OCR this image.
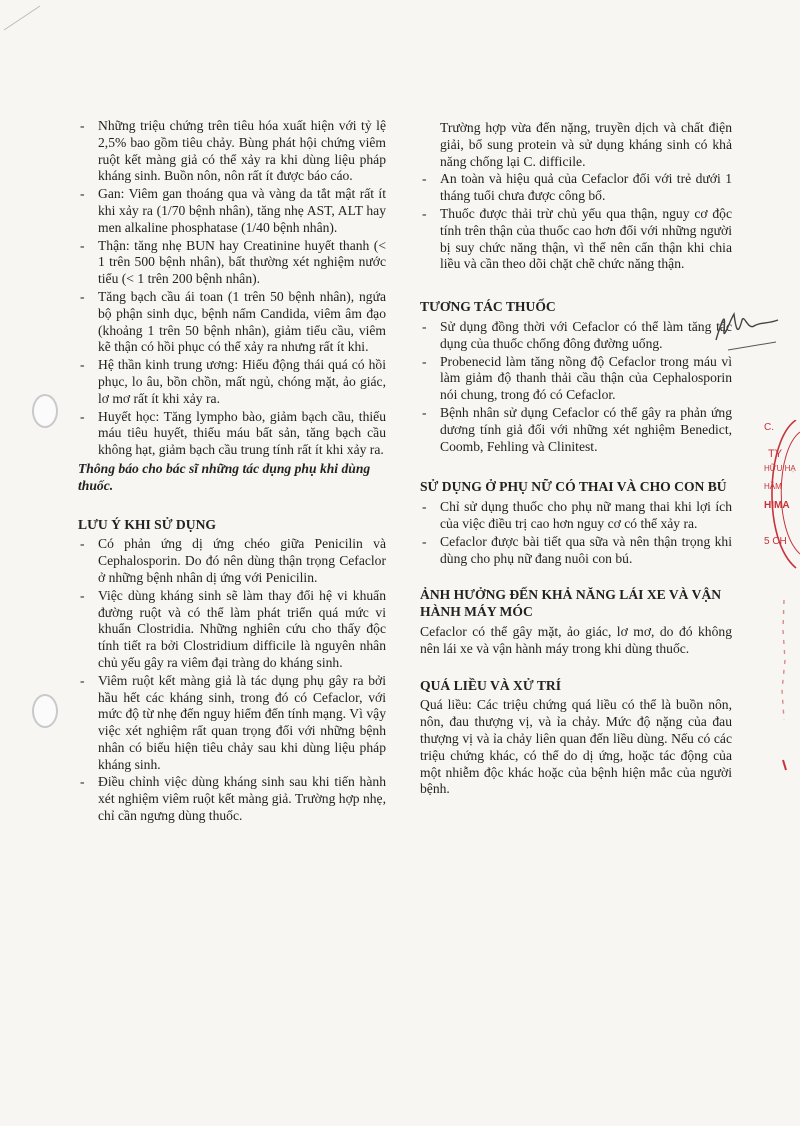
- Những triệu chứng trên tiêu hóa xuất hiện với tỷ lệ 2,5% bao gồm tiêu chảy. Bùng phát hội chứng viêm ruột kết màng giả có thể xảy ra khi dùng liệu pháp kháng sinh. Buồn nôn, nôn rất ít được báo cáo.
- Gan: Viêm gan thoáng qua và vàng da tắt mật rất ít khi xảy ra (1/70 bệnh nhân), tăng nhẹ AST, ALT hay men alkaline phosphatase (1/40 bệnh nhân).
- Thận: tăng nhẹ BUN hay Creatinine huyết thanh (< 1 trên 500 bệnh nhân), bất thường xét nghiệm nước tiểu (< 1 trên 200 bệnh nhân).
- Tăng bạch cầu ái toan (1 trên 50 bệnh nhân), ngứa bộ phận sinh dục, bệnh nấm Candida, viêm âm đạo (khoảng 1 trên 50 bệnh nhân), giảm tiểu cầu, viêm kẽ thận có hồi phục có thể xảy ra nhưng rất ít khi.
- Hệ thần kinh trung ương: Hiếu động thái quá có hồi phục, lo âu, bồn chồn, mất ngủ, chóng mặt, ảo giác, lơ mơ rất ít khi xảy ra.
- Huyết học: Tăng lympho bào, giảm bạch cầu, thiếu máu tiêu huyết, thiếu máu bất sản, tăng bạch cầu không hạt, giảm bạch cầu trung tính rất ít khi xảy ra.

Thông báo cho bác sĩ những tác dụng phụ khi dùng thuốc.

LƯU Ý KHI SỬ DỤNG
- Có phản ứng dị ứng chéo giữa Penicilin và Cephalosporin. Do đó nên dùng thận trọng Cefaclor ở những bệnh nhân dị ứng với Penicilin.
- Việc dùng kháng sinh sẽ làm thay đổi hệ vi khuẩn đường ruột và có thể làm phát triển quá mức vi khuẩn Clostridia. Những nghiên cứu cho thấy độc tính tiết ra bởi Clostridium difficile là nguyên nhân chủ yếu gây ra viêm đại tràng do kháng sinh.
- Viêm ruột kết màng giả là tác dụng phụ gây ra bởi hầu hết các kháng sinh, trong đó có Cefaclor, với mức độ từ nhẹ đến nguy hiểm đến tính mạng. Vì vậy việc xét nghiệm rất quan trọng đối với những bệnh nhân có biểu hiện tiêu chảy sau khi dùng liệu pháp kháng sinh.
- Điều chỉnh việc dùng kháng sinh sau khi tiến hành xét nghiệm viêm ruột kết màng giả. Trường hợp nhẹ, chỉ cần ngưng dùng thuốc.
Trường hợp vừa đến nặng, truyền dịch và chất điện giải, bổ sung protein và sử dụng kháng sinh có khả năng chống lại C. difficile.
- An toàn và hiệu quả của Cefaclor đối với trẻ dưới 1 tháng tuổi chưa được công bố.
- Thuốc được thải trừ chủ yếu qua thận, nguy cơ độc tính trên thận của thuốc cao hơn đối với những người bị suy chức năng thận, vì thế nên cẩn thận khi chia liều và cần theo dõi chặt chẽ chức năng thận.
TƯƠNG TÁC THUỐC
- Sử dụng đồng thời với Cefaclor có thể làm tăng tác dụng của thuốc chống đông đường uống.
- Probenecid làm tăng nồng độ Cefaclor trong máu vì làm giảm độ thanh thải cầu thận của Cephalosporin nói chung, trong đó có Cefaclor.
- Bệnh nhân sử dụng Cefaclor có thể gây ra phản ứng dương tính giả đối với những xét nghiệm Benedict, Coomb, Fehling và Clinitest.
SỬ DỤNG Ở PHỤ NỮ CÓ THAI VÀ CHO CON BÚ
- Chỉ sử dụng thuốc cho phụ nữ mang thai khi lợi ích của việc điều trị cao hơn nguy cơ có thể xảy ra.
- Cefaclor được bài tiết qua sữa và nên thận trọng khi dùng cho phụ nữ đang nuôi con bú.
ẢNH HƯỞNG ĐẾN KHẢ NĂNG LÁI XE VÀ VẬN HÀNH MÁY MÓC

Cefaclor có thể gây mặt, ảo giác, lơ mơ, do đó không nên lái xe và vận hành máy trong khi dùng thuốc.

QUÁ LIỀU VÀ XỬ TRÍ

Quá liều: Các triệu chứng quá liều có thể là buồn nôn, nôn, đau thượng vị, và ỉa chảy. Mức độ nặng của đau thượng vị và ỉa chảy liên quan đến liều dùng. Nếu có các triệu chứng khác, có thể do dị ứng, hoặc tác động của một nhiễm độc khác hoặc của bệnh hiện mắc của người bệnh.

C.
TY
HỮU HẠ
HẦM
HIMA
5 CH
